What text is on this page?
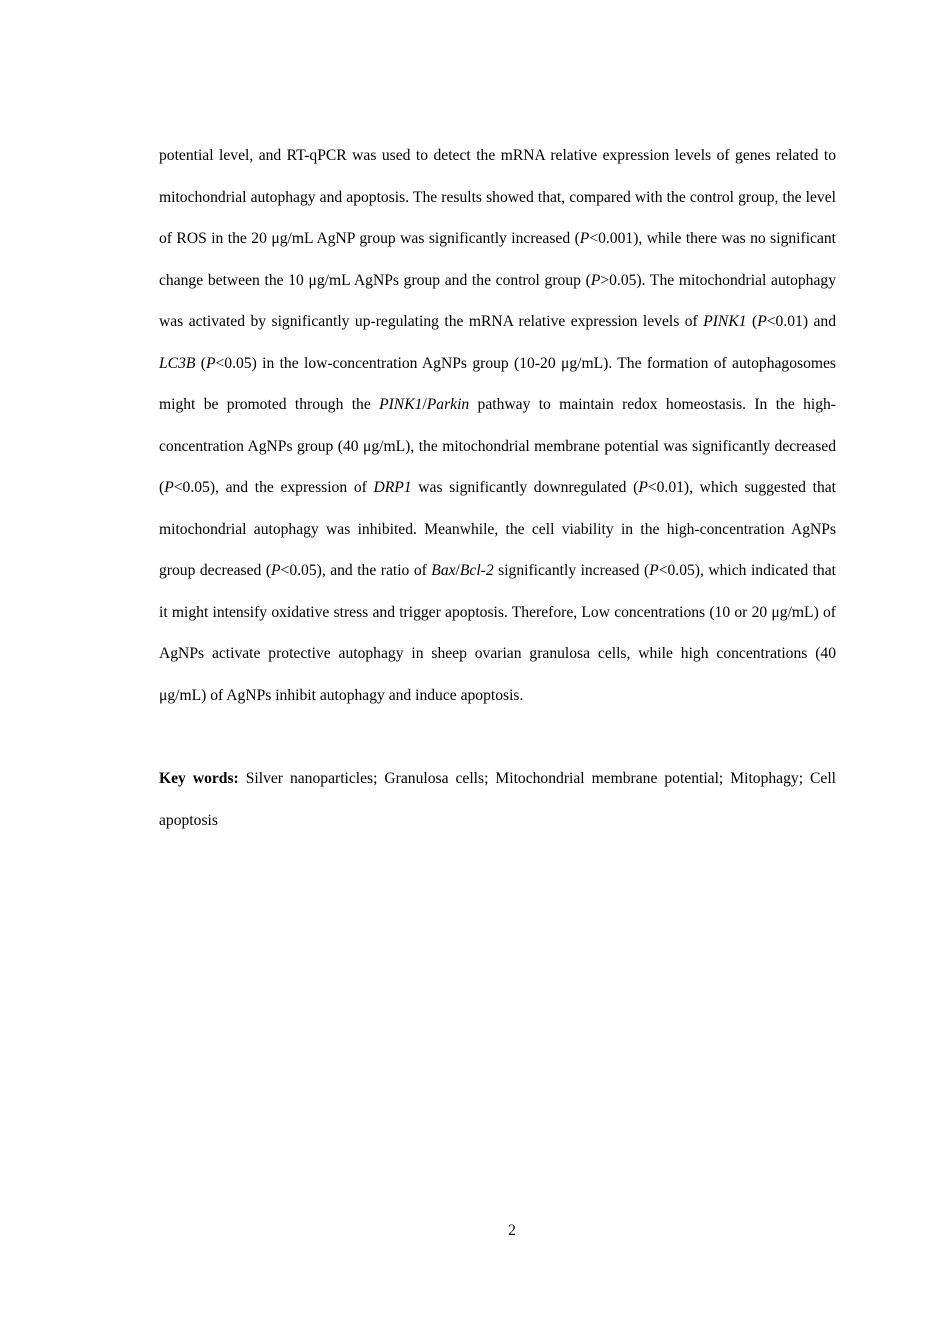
potential level, and RT-qPCR was used to detect the mRNA relative expression levels of genes related to mitochondrial autophagy and apoptosis. The results showed that, compared with the control group, the level of ROS in the 20 μg/mL AgNP group was significantly increased (P<0.001), while there was no significant change between the 10 μg/mL AgNPs group and the control group (P>0.05). The mitochondrial autophagy was activated by significantly up-regulating the mRNA relative expression levels of PINK1 (P<0.01) and LC3B (P<0.05) in the low-concentration AgNPs group (10-20 μg/mL). The formation of autophagosomes might be promoted through the PINK1/Parkin pathway to maintain redox homeostasis. In the high-concentration AgNPs group (40 μg/mL), the mitochondrial membrane potential was significantly decreased (P<0.05), and the expression of DRP1 was significantly downregulated (P<0.01), which suggested that mitochondrial autophagy was inhibited. Meanwhile, the cell viability in the high-concentration AgNPs group decreased (P<0.05), and the ratio of Bax/Bcl-2 significantly increased (P<0.05), which indicated that it might intensify oxidative stress and trigger apoptosis. Therefore, Low concentrations (10 or 20 μg/mL) of AgNPs activate protective autophagy in sheep ovarian granulosa cells, while high concentrations (40 μg/mL) of AgNPs inhibit autophagy and induce apoptosis.

Key words: Silver nanoparticles; Granulosa cells; Mitochondrial membrane potential; Mitophagy; Cell apoptosis

2
